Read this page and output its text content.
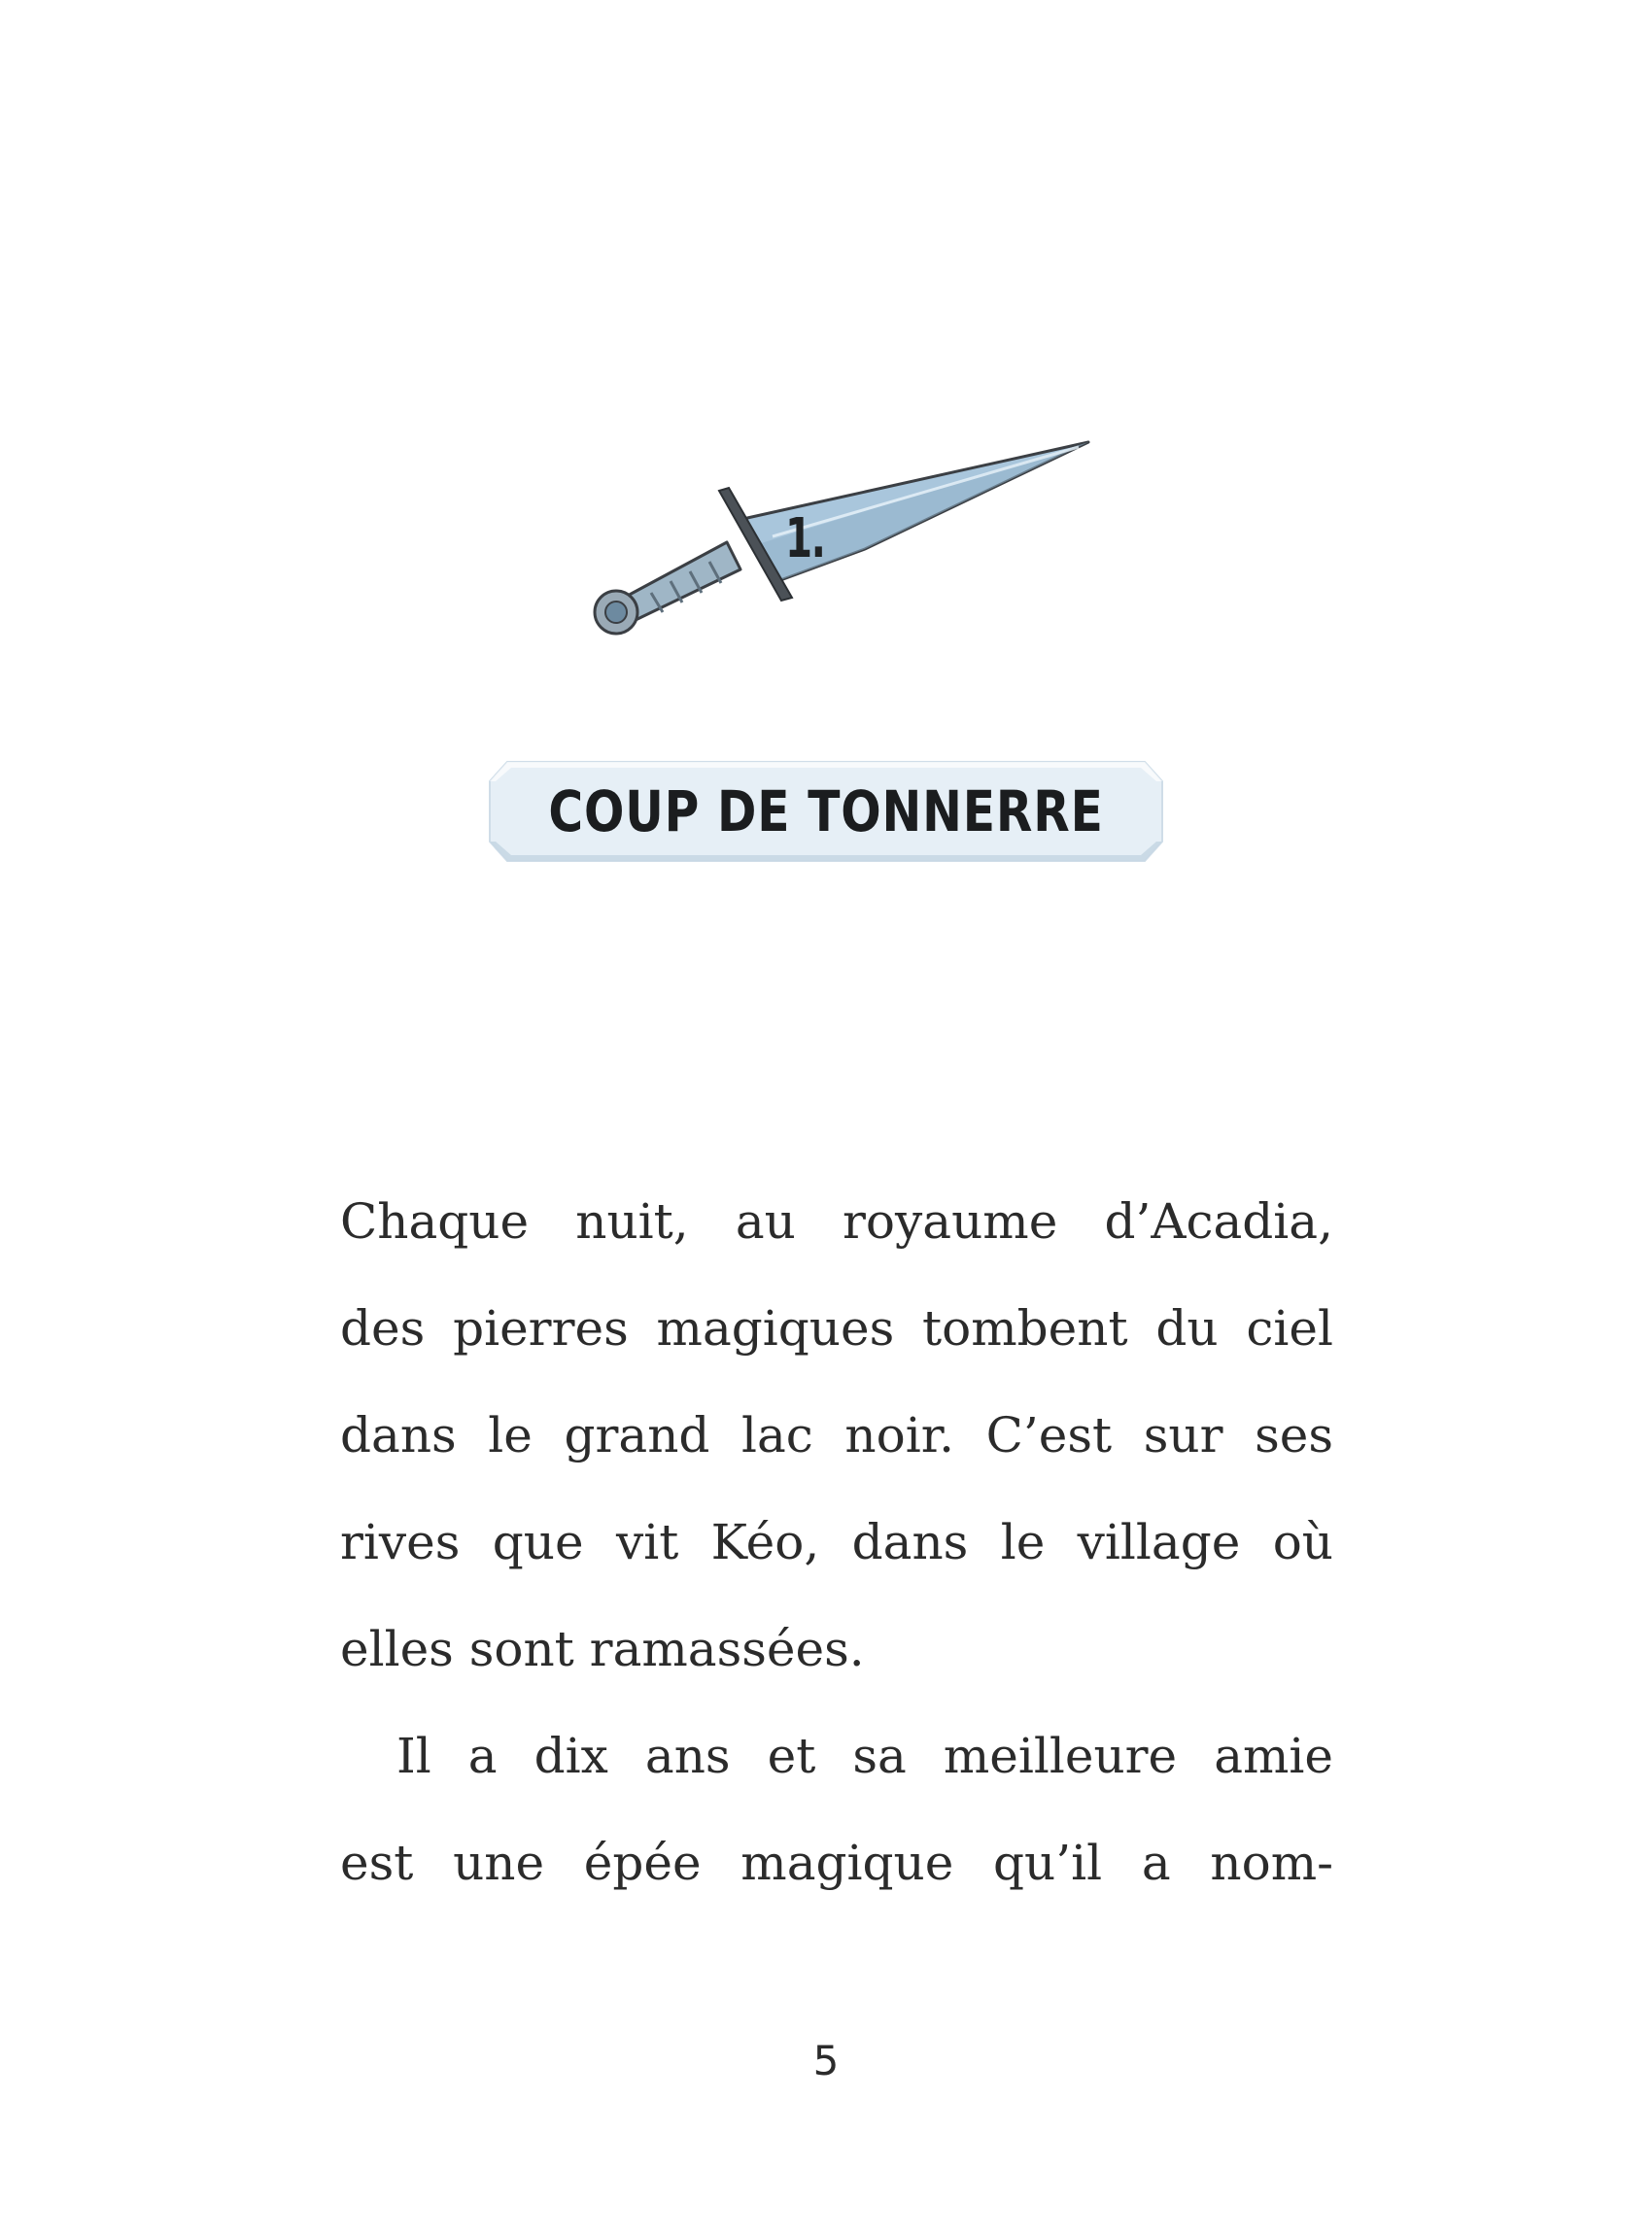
1.
COUP DE TONNERRE
Chaque nuit, au royaume d’Acadia,
des pierres magiques tombent du ciel
dans le grand lac noir. C’est sur ses
rives que vit Kéo, dans le village où
elles sont ramassées.
Il a dix ans et sa meilleure amie
est une épée magique qu’il a nom-
5
